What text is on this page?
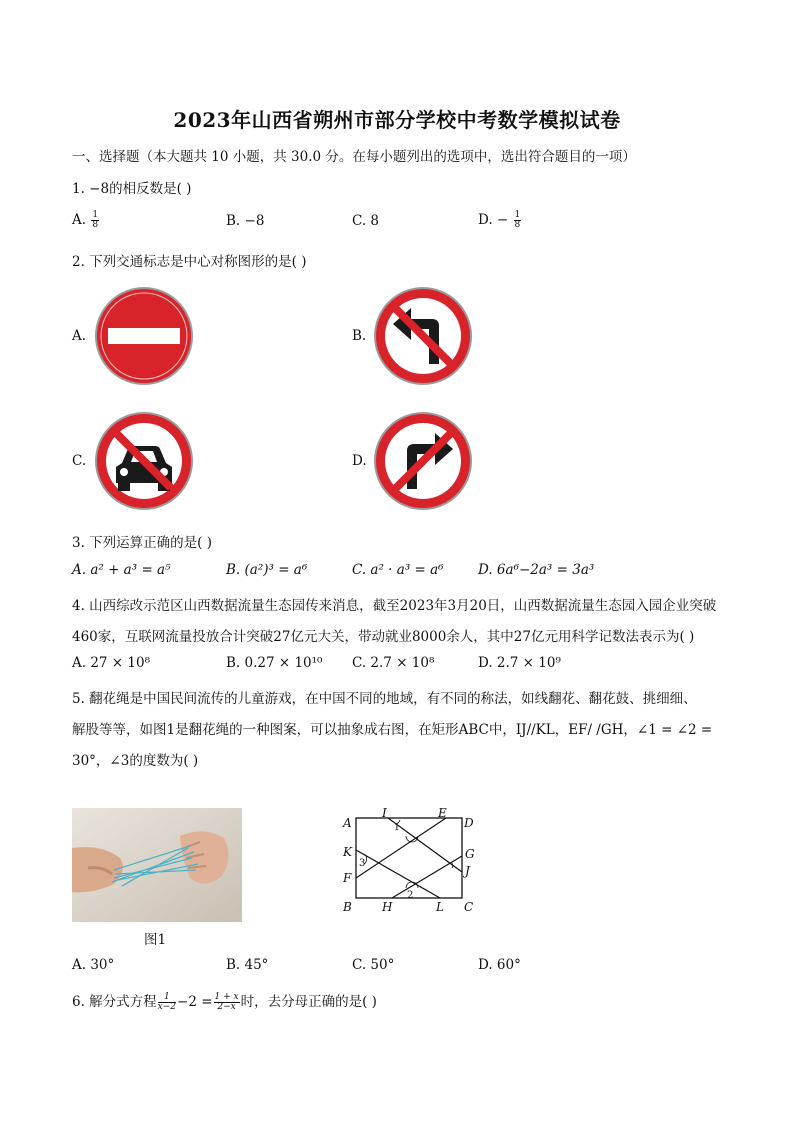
2023年山西省朔州市部分学校中考数学模拟试卷
一、选择题（本大题共 10 小题，共 30.0 分。在每小题列出的选项中，选出符合题目的一项）
1. −8的相反数是( )
A. $\frac{1}{8}$	B. −8	C. 8	D. − $\frac{1}{8}$
2. 下列交通标志是中心对称图形的是( )
A.	B.
C.	D.
3. 下列运算正确的是( )
A. a² + a³ = a⁵	B. (a²)³ = a⁶	C. a² · a³ = a⁶	D. 6a⁶−2a³ = 3a³
4. 山西综改示范区山西数据流量生态园传来消息，截至2023年3月20日，山西数据流量生态园入园企业突破
460家，互联网流量投放合计突破27亿元大关，带动就业8000余人，其中27亿元用科学记数法表示为( )
A. 27 × 10⁸	B. 0.27 × 10¹⁰ C. 2.7 × 10⁸	D. 2.7 × 10⁹
5. 翻花绳是中国民间流传的儿童游戏，在中国不同的地域，有不同的称法，如线翻花、翻花鼓、挑细细、
解股等等，如图1是翻花绳的一种图案，可以抽象成右图，在矩形ABC中，IJ//KL，EF/ /GH，∠1 = ∠2 =
30°，∠3的度数为( )
图1
A
B	C
D
E
F
G
H
I
J
K
L
1
2
3
A. 30°	B. 45°	C. 50°	D. 60°
6. 解分式方程 $\frac{1}{x-2} -2 = \frac{1 + x}{2-x}$ 时，去分母正确的是( )
